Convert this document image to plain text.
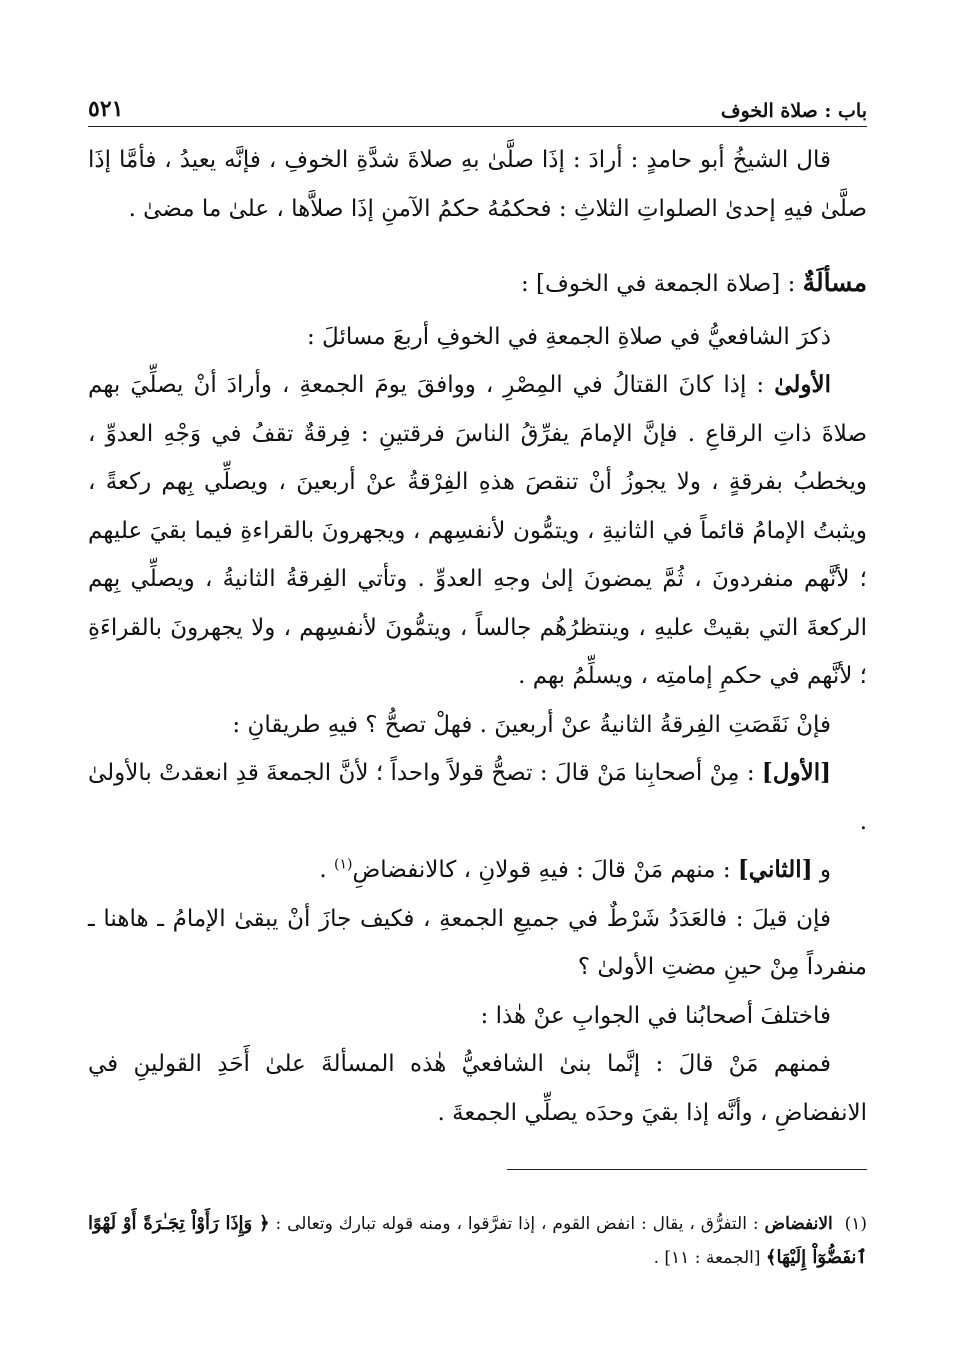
باب : صلاة الخوف
٥٢١

قال الشيخُ أبو حامدٍ : أرادَ : إذَا صلَّىٰ بهِ صلاةَ شدَّةِ الخوفِ ، فإنَّه يعيدُ ، فأمَّا إذَا صلَّىٰ فيهِ إحدىٰ الصلواتِ الثلاثِ : فحكمُهُ حكمُ الآمنِ إذَا صلاَّها ، علىٰ ما مضىٰ .

مسألَةٌ : [صلاة الجمعة في الخوف] :

ذكرَ الشافعيُّ في صلاةِ الجمعةِ في الخوفِ أربعَ مسائلَ :

الأولىٰ : إذا كانَ القتالُ في المِصْرِ ، ووافقَ يومَ الجمعةِ ، وأرادَ أنْ يصلِّيَ بهم صلاةَ ذاتِ الرقاعِ . فإنَّ الإمامَ يفرِّقُ الناسَ فرقتينِ : فِرقةٌ تقفُ في وَجْهِ العدوِّ ، ويخطبُ بفرقةٍ ، ولا يجوزُ أنْ تنقصَ هذهِ الفِرْقةُ عنْ أربعينَ ، ويصلِّي بِهم ركعةً ، ويثبتُ الإمامُ قائماً في الثانيةِ ، ويتمُّون لأنفسِهم ، ويجهرونَ بالقراءةِ فيما بقيَ عليهم ؛ لأنَّهم منفردونَ ، ثُمَّ يمضونَ إلىٰ وجهِ العدوِّ . وتأتي الفِرقةُ الثانيةُ ، ويصلِّي بِهم الركعةَ التي بقيتْ عليهِ ، وينتظرُهُم جالساً ، ويتمُّونَ لأنفسِهم ، ولا يجهرونَ بالقراءَةِ ؛ لأنَّهم في حكمِ إمامتِه ، ويسلِّمُ بهم .

فإنْ نَقَصَتِ الفِرقةُ الثانيةُ عنْ أربعينَ . فهلْ تصحُّ ؟ فيهِ طريقانِ :

[الأول] : مِنْ أصحابِنا مَنْ قالَ : تصحُّ قولاً واحداً ؛ لأنَّ الجمعةَ قدِ انعقدتْ بالأولىٰ .

و [الثاني] : منهم مَنْ قالَ : فيهِ قولانِ ، كالانفضاضِ$^{(١)}$ .

فإن قيلَ : فالعَدَدُ شَرْطٌ في جميعِ الجمعةِ ، فكيف جازَ أنْ يبقىٰ الإمامُ ـ هاهنا ـ منفرداً مِنْ حينِ مضتِ الأولىٰ ؟

فاختلفَ أصحابُنا في الجوابِ عنْ هٰذا :

فمنهم مَنْ قالَ : إنَّما بنىٰ الشافعيُّ هٰذه المسألةَ علىٰ أَحَدِ القولينِ في الانفضاضِ ، وأنَّه إذا بقيَ وحدَه يصلِّي الجمعةَ .

(١)  الانفضاض : التفرُّق ، يقال : انفض القوم ، إذا تفرَّقوا ، ومنه قوله تبارك وتعالى : ﴿ وَإِذَا رَأَوْاْ تِجَـٰرَةً أَوْ لَهْوًا ٱنفَضُّوٓاْ إِلَيْهَا﴾ [الجمعة : ١١] .
